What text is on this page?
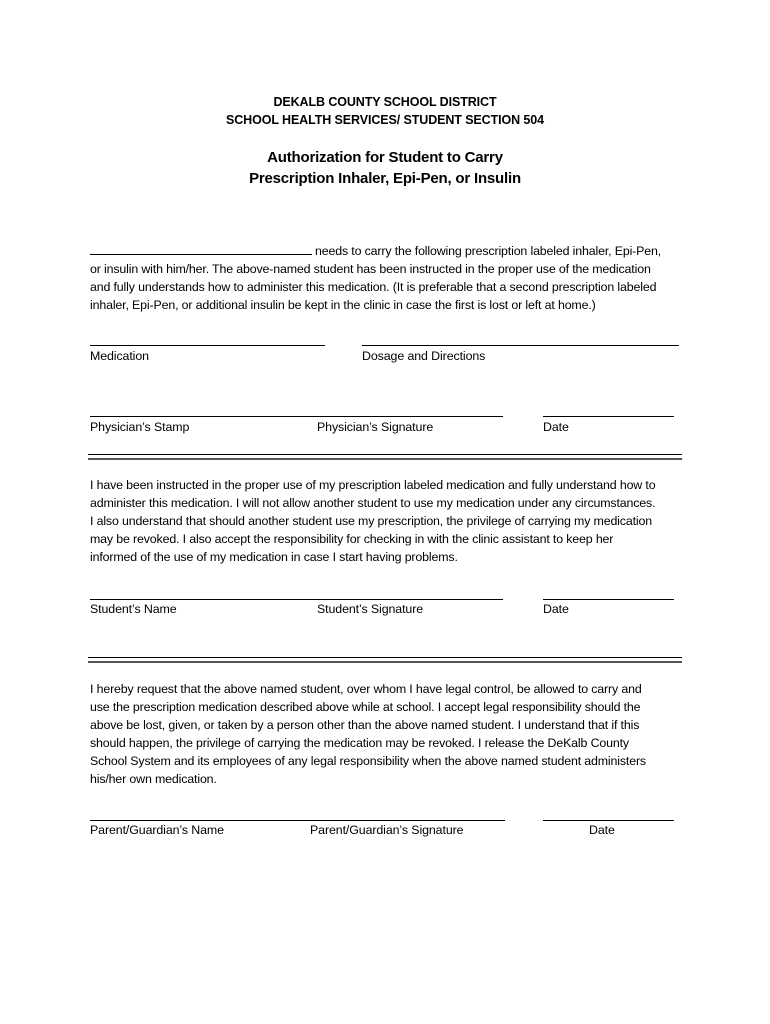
DEKALB COUNTY SCHOOL DISTRICT
SCHOOL HEALTH SERVICES/ STUDENT SECTION 504
Authorization for Student to Carry
Prescription Inhaler, Epi-Pen, or Insulin
needs to carry the following prescription labeled inhaler, Epi-Pen,
or insulin with him/her. The above-named student has been instructed in the proper use of the medication
and fully understands how to administer this medication. (It is preferable that a second prescription labeled
inhaler, Epi-Pen, or additional insulin be kept in the clinic in case the first is lost or left at home.)
Medication	Dosage and Directions
Physician’s Stamp	Physician’s Signature	Date
I have been instructed in the proper use of my prescription labeled medication and fully understand how to
administer this medication. I will not allow another student to use my medication under any circumstances.
I also understand that should another student use my prescription, the privilege of carrying my medication
may be revoked. I also accept the responsibility for checking in with the clinic assistant to keep her
informed of the use of my medication in case I start having problems.
Student’s Name	Student’s Signature	Date
I hereby request that the above named student, over whom I have legal control, be allowed to carry and
use the prescription medication described above while at school. I accept legal responsibility should the
above be lost, given, or taken by a person other than the above named student. I understand that if this
should happen, the privilege of carrying the medication may be revoked. I release the DeKalb County
School System and its employees of any legal responsibility when the above named student administers
his/her own medication.
Parent/Guardian’s Name	Parent/Guardian’s Signature	Date
